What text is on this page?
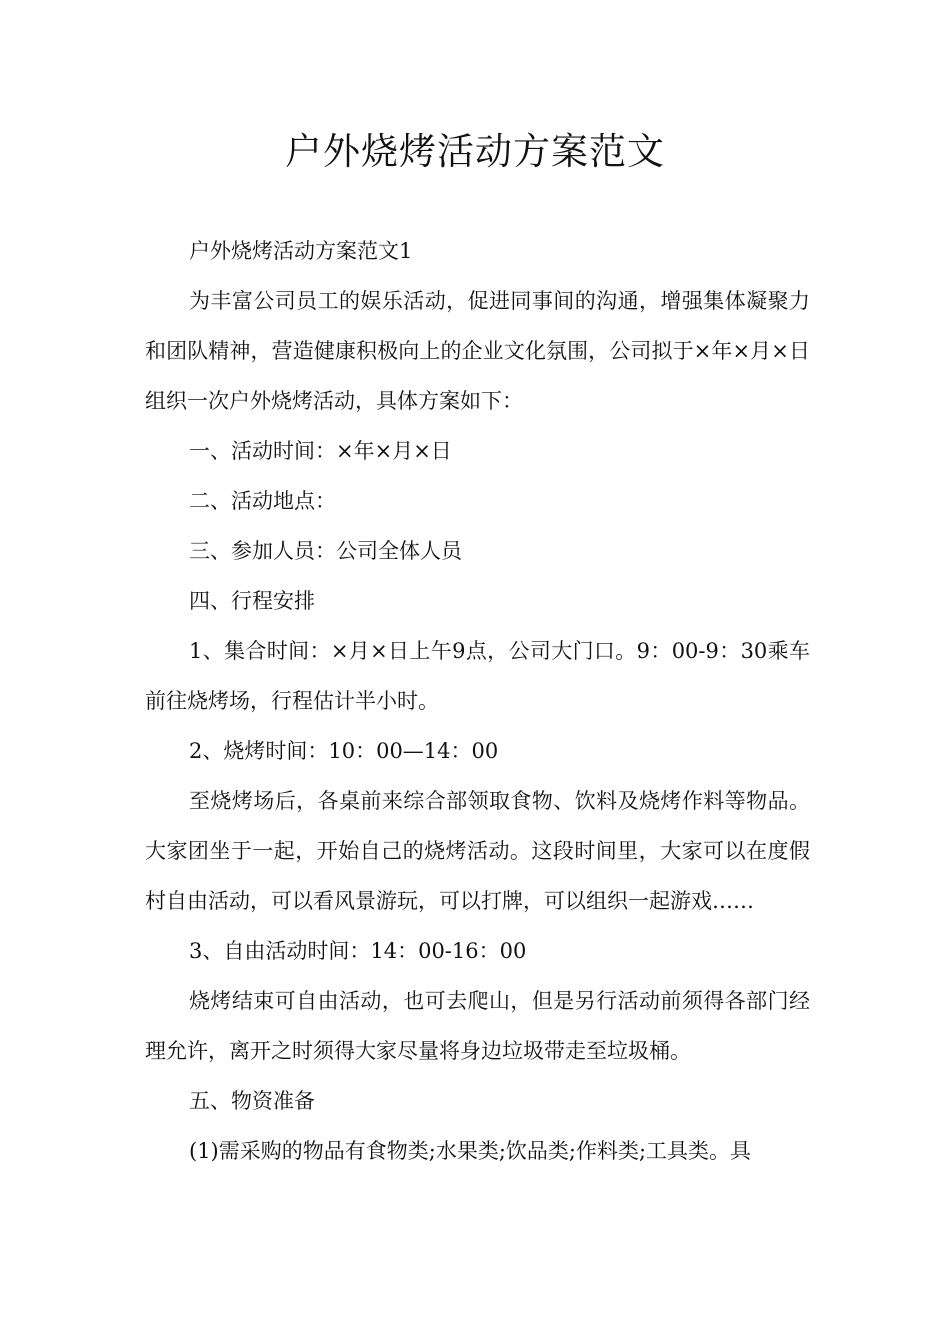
户外烧烤活动方案范文

户外烧烤活动方案范文1

为丰富公司员工的娱乐活动，促进同事间的沟通，增强集体凝聚力和团队精神，营造健康积极向上的企业文化氛围，公司拟于×年×月×日组织一次户外烧烤活动，具体方案如下：

一、活动时间：×年×月×日

二、活动地点：

三、参加人员：公司全体人员

四、行程安排

1、集合时间：×月×日上午9点，公司大门口。9：00-9：30乘车前往烧烤场，行程估计半小时。

2、烧烤时间：10：00—14：00

至烧烤场后，各桌前来综合部领取食物、饮料及烧烤作料等物品。大家团坐于一起，开始自己的烧烤活动。这段时间里，大家可以在度假村自由活动，可以看风景游玩，可以打牌，可以组织一起游戏……

3、自由活动时间：14：00-16：00

烧烤结束可自由活动，也可去爬山，但是另行活动前须得各部门经理允许，离开之时须得大家尽量将身边垃圾带走至垃圾桶。

五、物资准备

(1)需采购的物品有食物类;水果类;饮品类;作料类;工具类。具
